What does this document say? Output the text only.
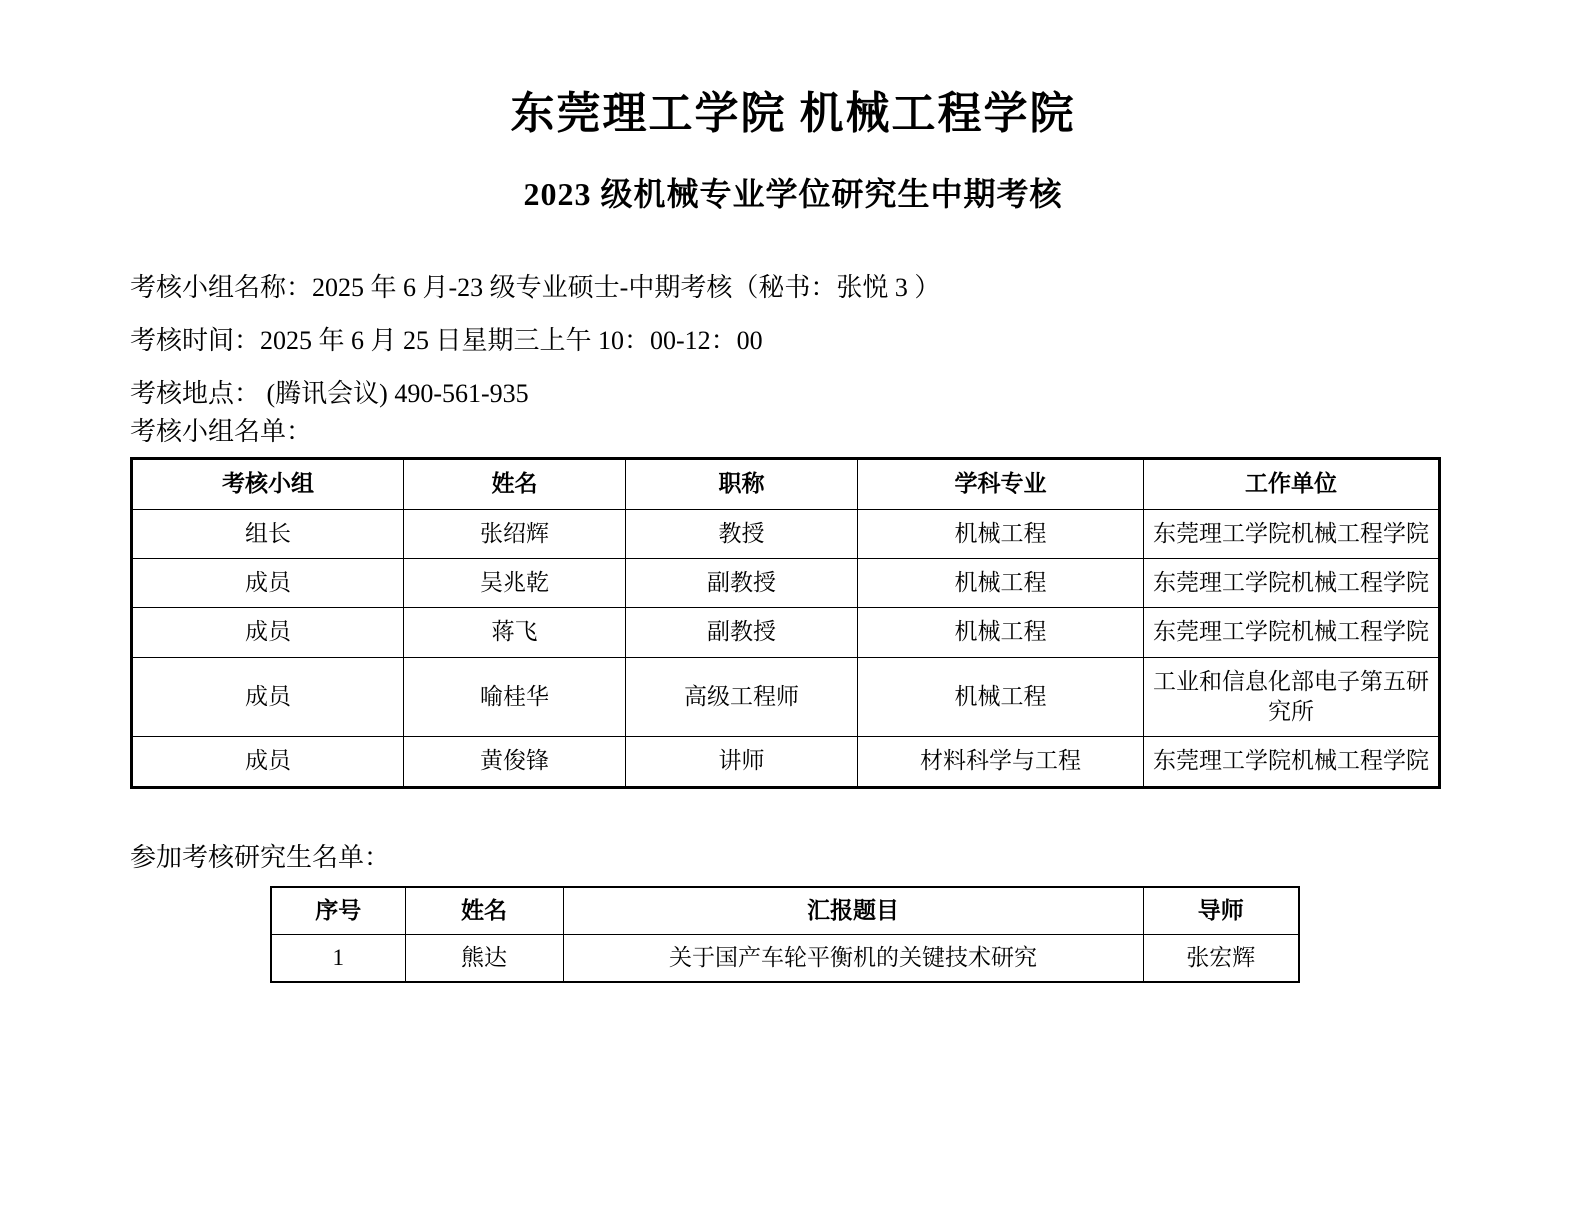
东莞理工学院 机械工程学院
2023 级机械专业学位研究生中期考核
考核小组名称：2025 年 6 月-23 级专业硕士-中期考核（秘书：张悦 3 ）
考核时间：2025 年 6 月 25 日星期三上午 10：00-12：00
考核地点： (腾讯会议) 490-561-935
考核小组名单：
考核小组	姓名	职称	学科专业	工作单位
组长	张绍辉	教授	机械工程	东莞理工学院机械工程学院
成员	吴兆乾	副教授	机械工程	东莞理工学院机械工程学院
成员	蒋飞	副教授	机械工程	东莞理工学院机械工程学院
成员	喻桂华	高级工程师	机械工程	工业和信息化部电子第五研究所
成员	黄俊锋	讲师	材料科学与工程	东莞理工学院机械工程学院
参加考核研究生名单：
序号	姓名	汇报题目	导师
1	熊达	关于国产车轮平衡机的关键技术研究	张宏辉
